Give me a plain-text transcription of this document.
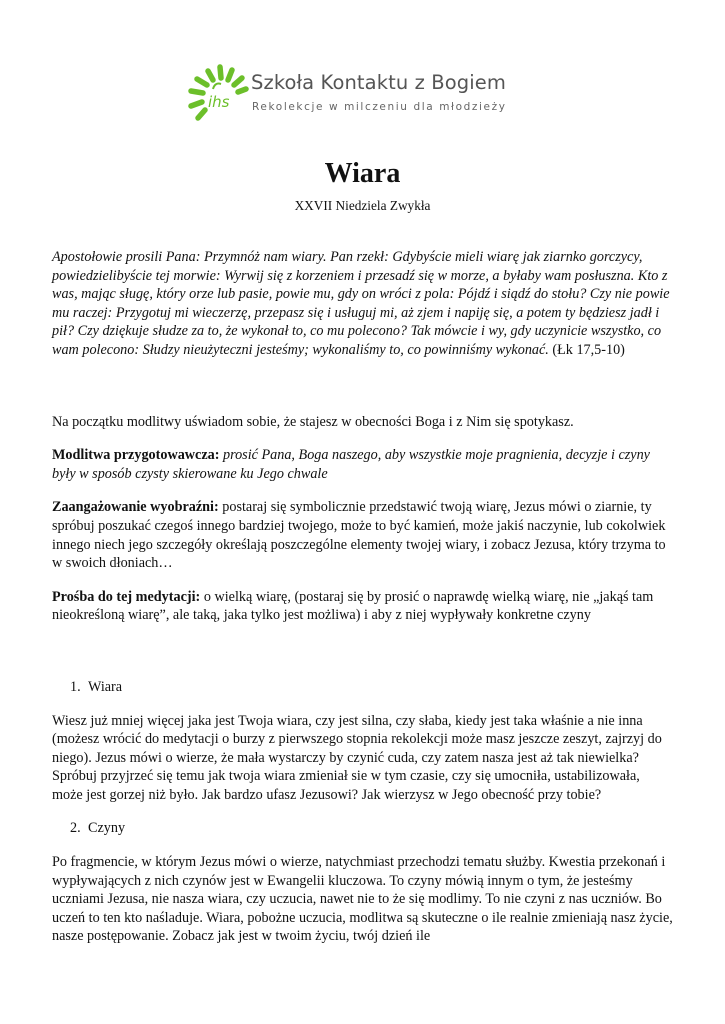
ihs
Szkoła Kontaktu z Bogiem
Rekolekcje w milczeniu dla młodzieży
Wiara
XXVII Niedziela Zwykła

Apostołowie prosili Pana: Przymnóż nam wiary. Pan rzekł: Gdybyście mieli wiarę jak ziarnko gorczycy, powiedzielibyście tej morwie: Wyrwij się z korzeniem i przesadź się w morze, a byłaby wam posłuszna. Kto z was, mając sługę, który orze lub pasie, powie mu, gdy on wróci z pola: Pójdź i siądź do stołu? Czy nie powie mu raczej: Przygotuj mi wieczerzę, przepasz się i usługuj mi, aż zjem i napiję się, a potem ty będziesz jadł i pił? Czy dziękuje słudze za to, że wykonał to, co mu polecono? Tak mówcie i wy, gdy uczynicie wszystko, co wam polecono: Słudzy nieużyteczni jesteśmy; wykonaliśmy to, co powinniśmy wykonać. (Łk 17,5-10)

Na początku modlitwy uświadom sobie, że stajesz w obecności Boga i z Nim się spotykasz.

Modlitwa przygotowawcza: prosić Pana, Boga naszego, aby wszystkie moje pragnienia, decyzje i czyny były w sposób czysty skierowane ku Jego chwale

Zaangażowanie wyobraźni: postaraj się symbolicznie przedstawić twoją wiarę, Jezus mówi o ziarnie, ty spróbuj poszukać czegoś innego bardziej twojego, może to być kamień, może jakiś naczynie, lub cokolwiek innego niech jego szczegóły określają poszczególne elementy twojej wiary, i zobacz Jezusa, który trzyma to w swoich dłoniach…

Prośba do tej medytacji: o wielką wiarę, (postaraj się by prosić o naprawdę wielką wiarę, nie „jakąś tam nieokreśloną wiarę”, ale taką, jaka tylko jest możliwa) i aby z niej wypływały konkretne czyny

1. Wiara

Wiesz już mniej więcej jaka jest Twoja wiara, czy jest silna, czy słaba, kiedy jest taka właśnie a nie inna (możesz wrócić do medytacji o burzy z pierwszego stopnia rekolekcji może masz jeszcze zeszyt, zajrzyj do niego). Jezus mówi o wierze, że mała wystarczy by czynić cuda, czy zatem nasza jest aż tak niewielka? Spróbuj przyjrzeć się temu jak twoja wiara zmieniał sie w tym czasie, czy się umocniła, ustabilizowała, może jest gorzej niż było. Jak bardzo ufasz Jezusowi? Jak wierzysz w Jego obecność przy tobie?

2. Czyny

Po fragmencie, w którym Jezus mówi o wierze, natychmiast przechodzi tematu służby. Kwestia przekonań i wypływających z nich czynów jest w Ewangelii kluczowa. To czyny mówią innym o tym, że jesteśmy uczniami Jezusa, nie nasza wiara, czy uczucia, nawet nie to że się modlimy. To nie czyni z nas uczniów. Bo uczeń to ten kto naśladuje. Wiara, pobożne uczucia, modlitwa są skuteczne o ile realnie zmieniają nasz życie, nasze postępowanie. Zobacz jak jest w twoim życiu, twój dzień ile
